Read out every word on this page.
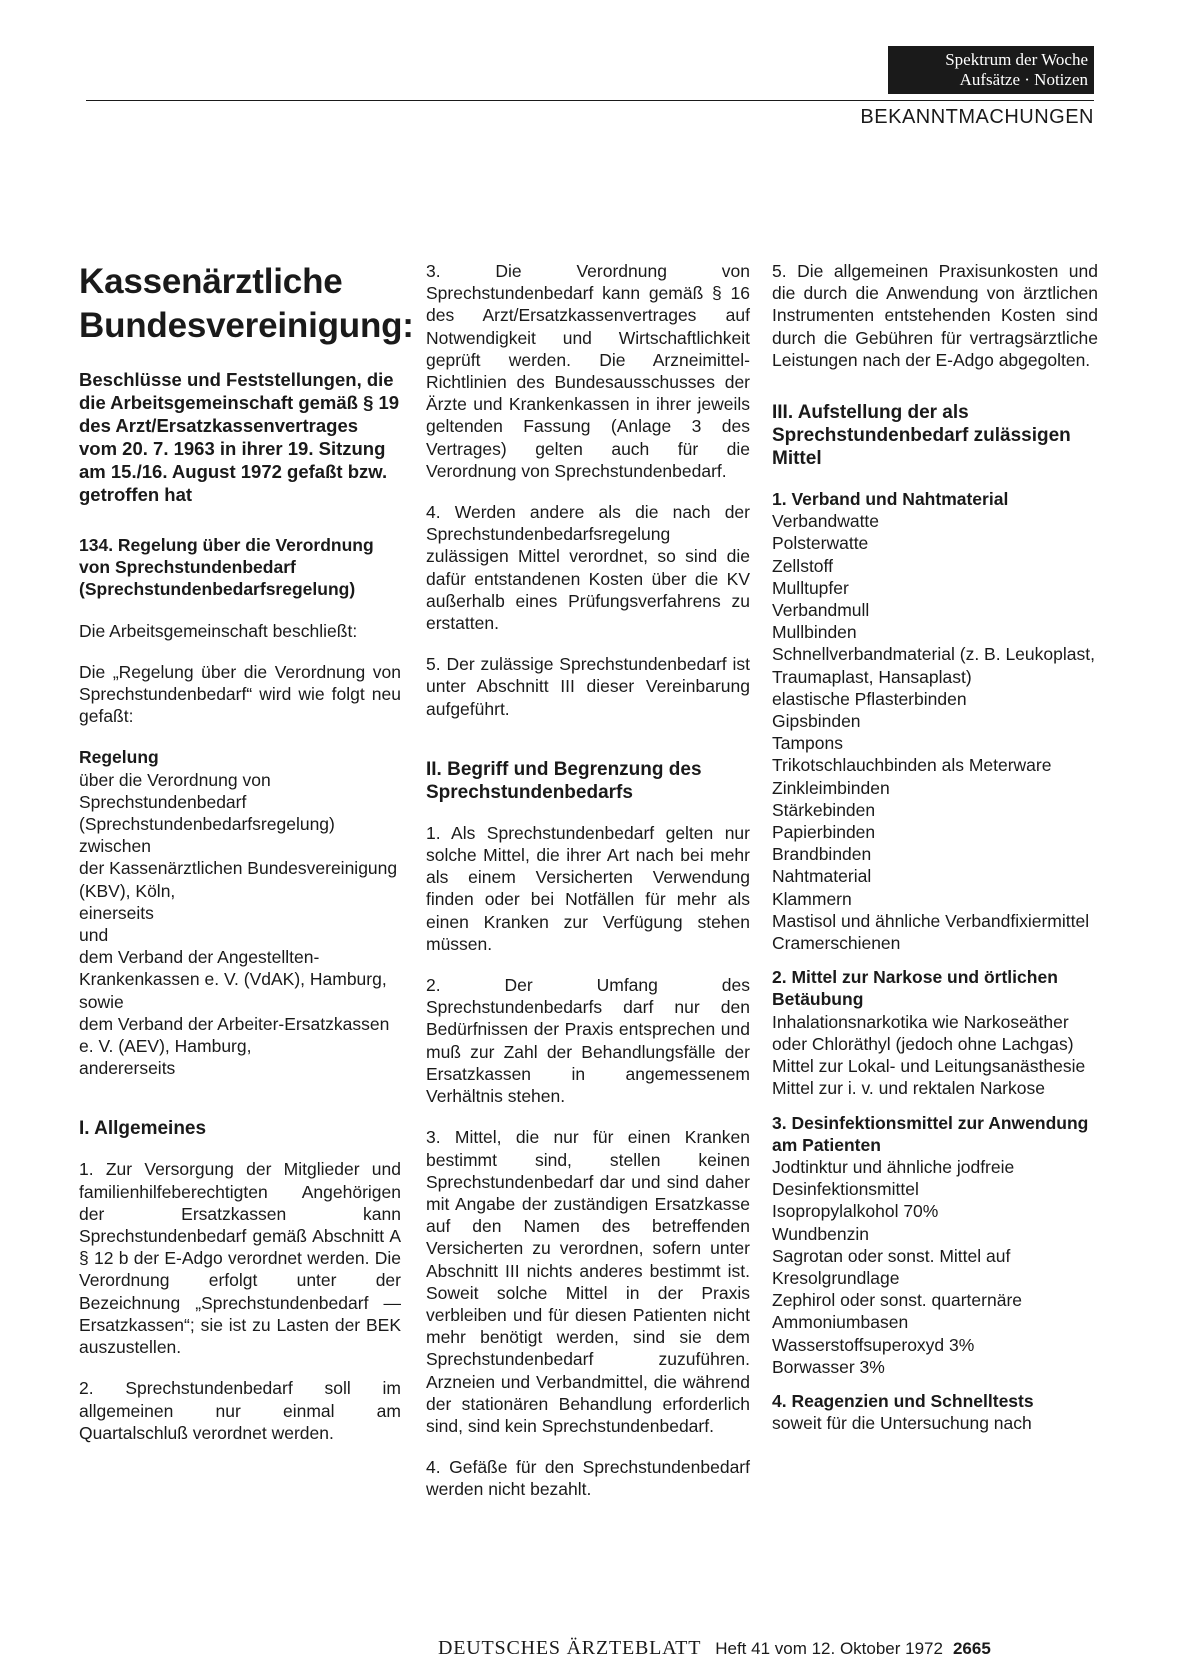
Spektrum der Woche
Aufsätze · Notizen
BEKANNTMACHUNGEN
Kassenärztliche
Bundesvereinigung:

Beschlüsse und Feststellungen, die die Arbeitsgemeinschaft gemäß § 19 des Arzt/Ersatzkassenvertrages vom 20. 7. 1963 in ihrer 19. Sitzung am 15./16. August 1972 gefaßt bzw. getroffen hat

134. Regelung über die Verordnung von Sprechstundenbedarf (Sprechstundenbedarfsregelung)

Die Arbeitsgemeinschaft beschließt:

Die „Regelung über die Verordnung von Sprechstundenbedarf“ wird wie folgt neu gefaßt:

Regelung
über die Verordnung von Sprechstundenbedarf
(Sprechstundenbedarfsregelung)
zwischen
der Kassenärztlichen Bundesvereinigung (KBV), Köln,
einerseits
und
dem Verband der Angestellten-Krankenkassen e. V. (VdAK), Hamburg,
sowie
dem Verband der Arbeiter-Ersatzkassen e. V. (AEV), Hamburg,
andererseits
I. Allgemeines

1. Zur Versorgung der Mitglieder und familienhilfeberechtigten Angehörigen der Ersatzkassen kann Sprechstundenbedarf gemäß Abschnitt A § 12 b der E-Adgo verordnet werden. Die Verordnung erfolgt unter der Bezeichnung „Sprechstundenbedarf — Ersatzkassen“; sie ist zu Lasten der BEK auszustellen.

2. Sprechstundenbedarf soll im allgemeinen nur einmal am Quartalschluß verordnet werden.

3. Die Verordnung von Sprechstundenbedarf kann gemäß § 16 des Arzt/Ersatzkassenvertrages auf Notwendigkeit und Wirtschaftlichkeit geprüft werden. Die Arzneimittel-Richtlinien des Bundesausschusses der Ärzte und Krankenkassen in ihrer jeweils geltenden Fassung (Anlage 3 des Vertrages) gelten auch für die Verordnung von Sprechstundenbedarf.

4. Werden andere als die nach der Sprechstundenbedarfsregelung zulässigen Mittel verordnet, so sind die dafür entstandenen Kosten über die KV außerhalb eines Prüfungsverfahrens zu erstatten.

5. Der zulässige Sprechstundenbedarf ist unter Abschnitt III dieser Vereinbarung aufgeführt.

II. Begriff und Begrenzung des Sprechstundenbedarfs

1. Als Sprechstundenbedarf gelten nur solche Mittel, die ihrer Art nach bei mehr als einem Versicherten Verwendung finden oder bei Notfällen für mehr als einen Kranken zur Verfügung stehen müssen.

2. Der Umfang des Sprechstundenbedarfs darf nur den Bedürfnissen der Praxis entsprechen und muß zur Zahl der Behandlungsfälle der Ersatzkassen in angemessenem Verhältnis stehen.

3. Mittel, die nur für einen Kranken bestimmt sind, stellen keinen Sprechstundenbedarf dar und sind daher mit Angabe der zuständigen Ersatzkasse auf den Namen des betreffenden Versicherten zu verordnen, sofern unter Abschnitt III nichts anderes bestimmt ist. Soweit solche Mittel in der Praxis verbleiben und für diesen Patienten nicht mehr benötigt werden, sind sie dem Sprechstundenbedarf zuzuführen. Arzneien und Verbandmittel, die während der stationären Behandlung erforderlich sind, sind kein Sprechstundenbedarf.

4. Gefäße für den Sprechstundenbedarf werden nicht bezahlt.

5. Die allgemeinen Praxisunkosten und die durch die Anwendung von ärztlichen Instrumenten entstehenden Kosten sind durch die Gebühren für vertragsärztliche Leistungen nach der E-Adgo abgegolten.

III. Aufstellung der als Sprechstundenbedarf zulässigen Mittel
1. Verband und Nahtmaterial
Verbandwatte
Polsterwatte
Zellstoff
Mulltupfer
Verbandmull
Mullbinden
Schnellverbandmaterial (z. B. Leukoplast, Traumaplast, Hansaplast)
elastische Pflasterbinden
Gipsbinden
Tampons
Trikotschlauchbinden als Meterware
Zinkleimbinden
Stärkebinden
Papierbinden
Brandbinden
Nahtmaterial
Klammern
Mastisol und ähnliche Verbandfixiermittel
Cramerschienen
2. Mittel zur Narkose und örtlichen Betäubung
Inhalationsnarkotika wie Narkoseäther oder Chloräthyl (jedoch ohne Lachgas)
Mittel zur Lokal- und Leitungsanästhesie
Mittel zur i. v. und rektalen Narkose
3. Desinfektionsmittel zur Anwendung am Patienten
Jodtinktur und ähnliche jodfreie Desinfektionsmittel
Isopropylalkohol 70%
Wundbenzin
Sagrotan oder sonst. Mittel auf Kresolgrundlage
Zephirol oder sonst. quarternäre Ammoniumbasen
Wasserstoffsuperoxyd 3%
Borwasser 3%
4. Reagenzien und Schnelltests
soweit für die Untersuchung nach
DEUTSCHES ÄRZTEBLATT Heft 41 vom 12. Oktober 1972 2665
